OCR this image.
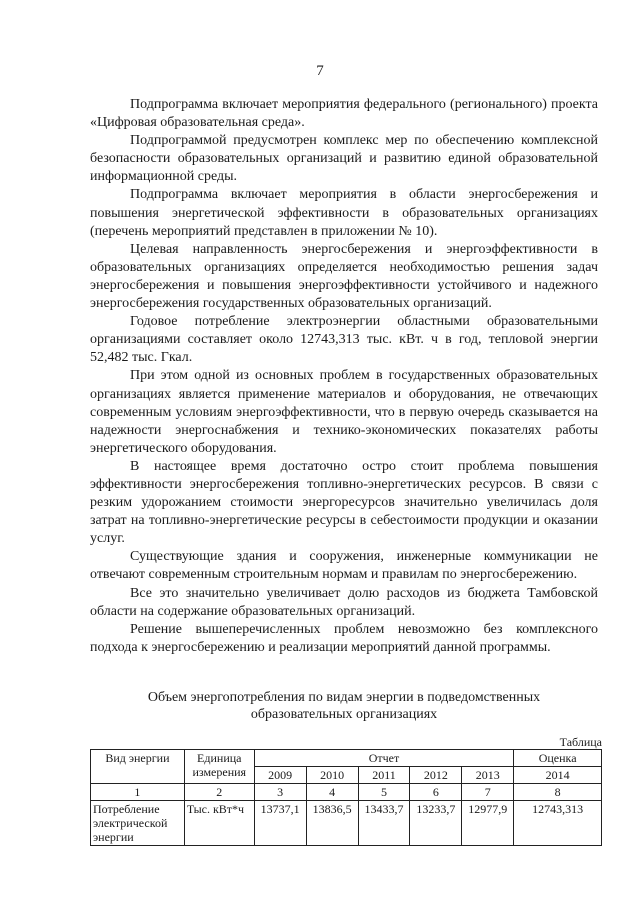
7

Подпрограмма включает мероприятия федерального (регионального) проекта «Цифровая образовательная среда».

Подпрограммой предусмотрен комплекс мер по обеспечению комплексной безопасности образовательных организаций и развитию единой образовательной информационной среды.

Подпрограмма включает мероприятия в области энергосбережения и повышения энергетической эффективности в образовательных организациях (перечень мероприятий представлен в приложении № 10).

Целевая направленность энергосбережения и энергоэффективности в образовательных организациях определяется необходимостью решения задач энергосбережения и повышения энергоэффективности устойчивого и надежного энергосбережения государственных образовательных организаций.

Годовое потребление электроэнергии областными образовательными организациями составляет около 12743,313 тыс. кВт. ч в год, тепловой энергии 52,482 тыс. Гкал.

При этом одной из основных проблем в государственных образовательных организациях является применение материалов и оборудования, не отвечающих современным условиям энергоэффективности, что в первую очередь сказывается на надежности энергоснабжения и технико-экономических показателях работы энергетического оборудования.

В настоящее время достаточно остро стоит проблема повышения эффективности энергосбережения топливно-энергетических ресурсов. В связи с резким удорожанием стоимости энергоресурсов значительно увеличилась доля затрат на топливно-энергетические ресурсы в себестоимости продукции и оказании услуг.

Существующие здания и сооружения, инженерные коммуникации не отвечают современным строительным нормам и правилам по энергосбережению.

Все это значительно увеличивает долю расходов из бюджета Тамбовской области на содержание образовательных организаций.

Решение вышеперечисленных проблем невозможно без комплексного подхода к энергосбережению и реализации мероприятий данной программы.

Объем энергопотребления по видам энергии в подведомственных
образовательных организациях
Таблица
Вид энергии	Единица измерения	Отчет					Оценка
		2009	2010	2011	2012	2013	2014
1	2	3	4	5	6	7	8
Потребление электрической энергии	Тыс. кВт*ч	13737,1	13836,5	13433,7	13233,7	12977,9	12743,313
